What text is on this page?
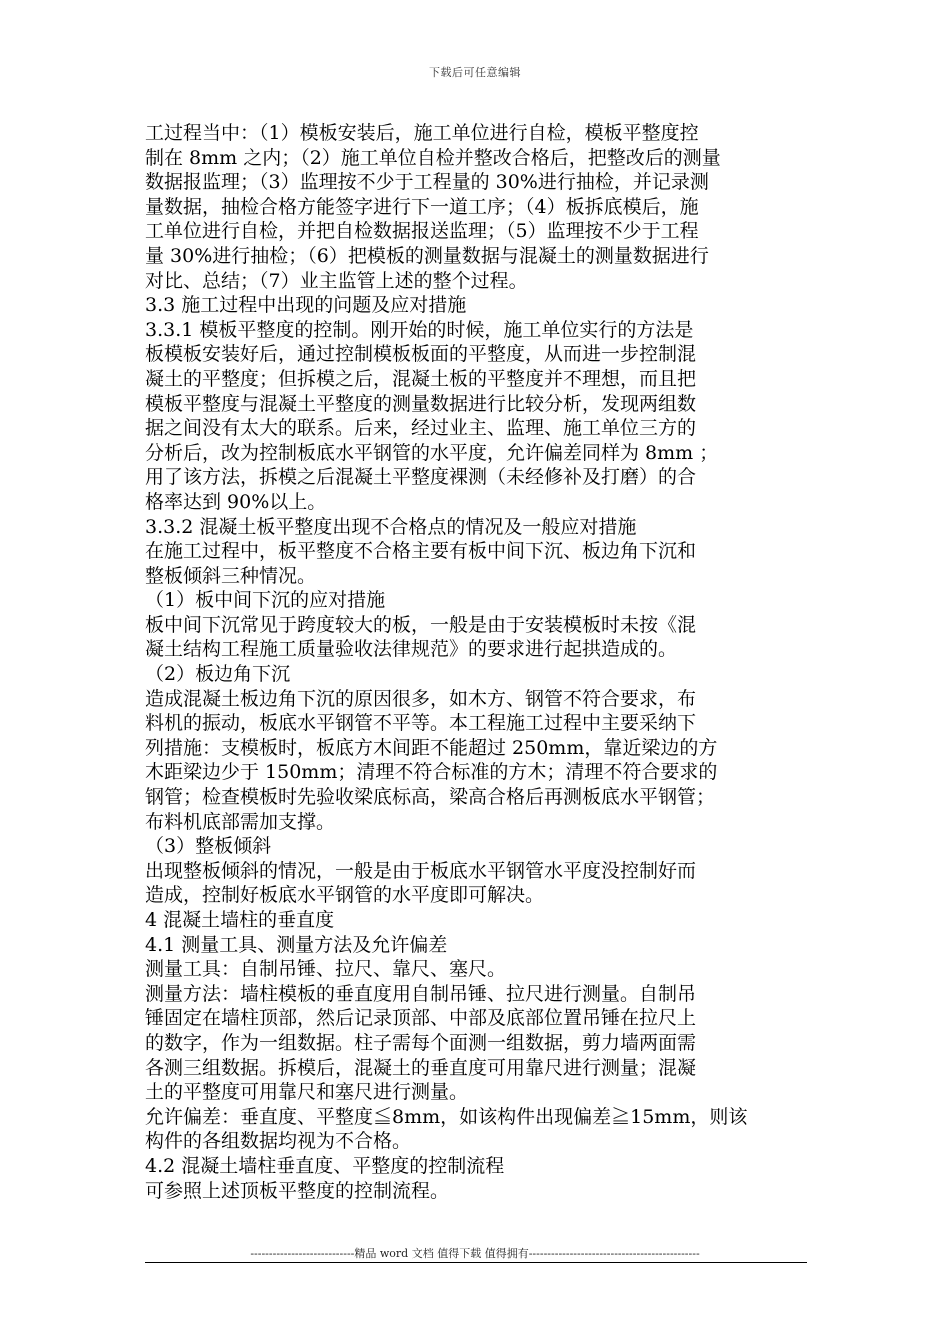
下载后可任意编辑
工过程当中：（1）模板安装后，施工单位进行自检，模板平整度控
制在 8mm 之内；（2）施工单位自检并整改合格后，把整改后的测量
数据报监理；（3）监理按不少于工程量的 30%进行抽检，并记录测
量数据，抽检合格方能签字进行下一道工序；（4）板拆底模后，施
工单位进行自检，并把自检数据报送监理；（5）监理按不少于工程
量 30%进行抽检；（6）把模板的测量数据与混凝土的测量数据进行
对比、总结；（7）业主监管上述的整个过程。
3.3 施工过程中出现的问题及应对措施
3.3.1 模板平整度的控制。刚开始的时候，施工单位实行的方法是
板模板安装好后，通过控制模板板面的平整度，从而进一步控制混
凝土的平整度；但拆模之后，混凝土板的平整度并不理想，而且把
模板平整度与混凝土平整度的测量数据进行比较分析，发现两组数
据之间没有太大的联系。后来，经过业主、监理、施工单位三方的
分析后，改为控制板底水平钢管的水平度，允许偏差同样为 8mm ；
用了该方法，拆模之后混凝土平整度裸测（未经修补及打磨）的合
格率达到 90%以上。
3.3.2 混凝土板平整度出现不合格点的情况及一般应对措施
在施工过程中，板平整度不合格主要有板中间下沉、板边角下沉和
整板倾斜三种情况。
（1）板中间下沉的应对措施
板中间下沉常见于跨度较大的板，一般是由于安装模板时未按《混
凝土结构工程施工质量验收法律规范》的要求进行起拱造成的。
（2）板边角下沉
造成混凝土板边角下沉的原因很多，如木方、钢管不符合要求，布
料机的振动，板底水平钢管不平等。本工程施工过程中主要采纳下
列措施：支模板时，板底方木间距不能超过 250mm，靠近梁边的方
木距梁边少于 150mm；清理不符合标准的方木；清理不符合要求的
钢管；检查模板时先验收梁底标高，梁高合格后再测板底水平钢管；
布料机底部需加支撑。
（3）整板倾斜
出现整板倾斜的情况，一般是由于板底水平钢管水平度没控制好而
造成，控制好板底水平钢管的水平度即可解决。
4 混凝土墙柱的垂直度
4.1 测量工具、测量方法及允许偏差
测量工具：自制吊锤、拉尺、靠尺、塞尺。
测量方法：墙柱模板的垂直度用自制吊锤、拉尺进行测量。自制吊
锤固定在墙柱顶部，然后记录顶部、中部及底部位置吊锤在拉尺上
的数字，作为一组数据。柱子需每个面测一组数据，剪力墙两面需
各测三组数据。拆模后，混凝土的垂直度可用靠尺进行测量；混凝
土的平整度可用靠尺和塞尺进行测量。
允许偏差：垂直度、平整度≦8mm，如该构件出现偏差≧15mm，则该
构件的各组数据均视为不合格。
4.2 混凝土墙柱垂直度、平整度的控制流程
可参照上述顶板平整度的控制流程。
----------------------------精品 word 文档 值得下载 值得拥有----------------------------------------------
